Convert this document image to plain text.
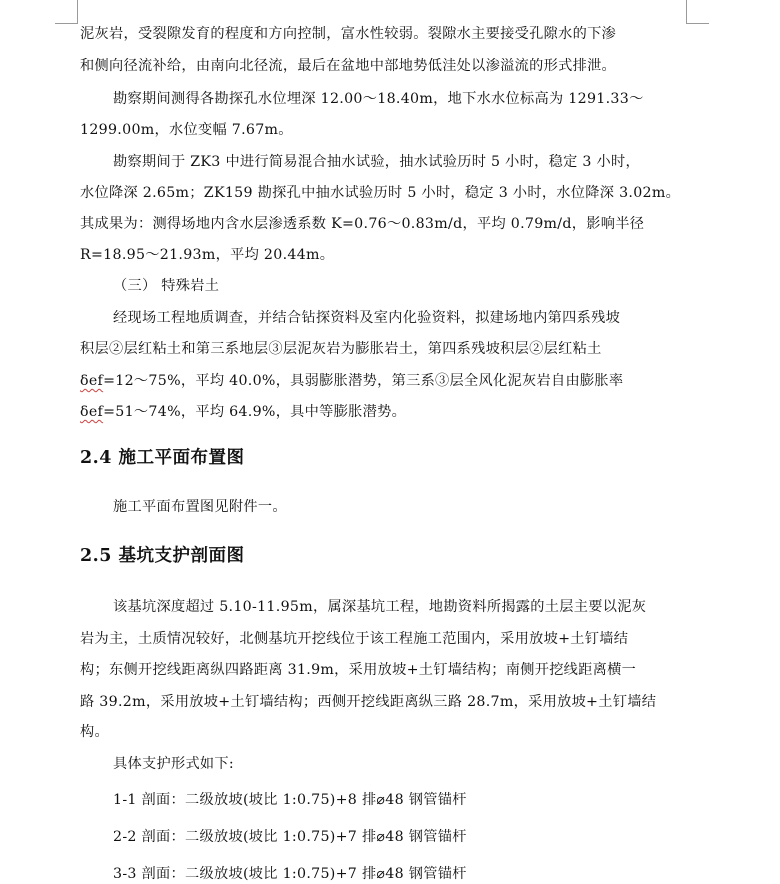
泥灰岩，受裂隙发育的程度和方向控制，富水性较弱。裂隙水主要接受孔隙水的下渗
和侧向径流补给，由南向北径流，最后在盆地中部地势低洼处以渗溢流的形式排泄。
勘察期间测得各勘探孔水位埋深 12.00～18.40m，地下水水位标高为 1291.33～
1299.00m，水位变幅 7.67m。
勘察期间于 ZK3 中进行简易混合抽水试验，抽水试验历时 5 小时，稳定 3 小时，
水位降深 2.65m；ZK159 勘探孔中抽水试验历时 5 小时，稳定 3 小时，水位降深 3.02m。
其成果为：测得场地内含水层渗透系数 K=0.76～0.83m/d，平均 0.79m/d，影响半径
R=18.95～21.93m，平均 20.44m。
（三） 特殊岩土
经现场工程地质调查，并结合钻探资料及室内化验资料，拟建场地内第四系残坡
积层②层红粘土和第三系地层③层泥灰岩为膨胀岩土，第四系残坡积层②层红粘土
δef=12～75%，平均 40.0%，具弱膨胀潜势，第三系③层全风化泥灰岩自由膨胀率
δef=51～74%，平均 64.9%，具中等膨胀潜势。
2.4 施工平面布置图
施工平面布置图见附件一。
2.5 基坑支护剖面图
该基坑深度超过 5.10-11.95m，属深基坑工程，地勘资料所揭露的土层主要以泥灰
岩为主，土质情况较好，北侧基坑开挖线位于该工程施工范围内，采用放坡+土钉墙结
构；东侧开挖线距离纵四路距离 31.9m，采用放坡+土钉墙结构；南侧开挖线距离横一
路 39.2m，采用放坡+土钉墙结构；西侧开挖线距离纵三路 28.7m，采用放坡+土钉墙结
构。
具体支护形式如下:
1-1 剖面：二级放坡(坡比 1:0.75)+8 排⌀48 钢管锚杆
2-2 剖面：二级放坡(坡比 1:0.75)+7 排⌀48 钢管锚杆
3-3 剖面：二级放坡(坡比 1:0.75)+7 排⌀48 钢管锚杆
